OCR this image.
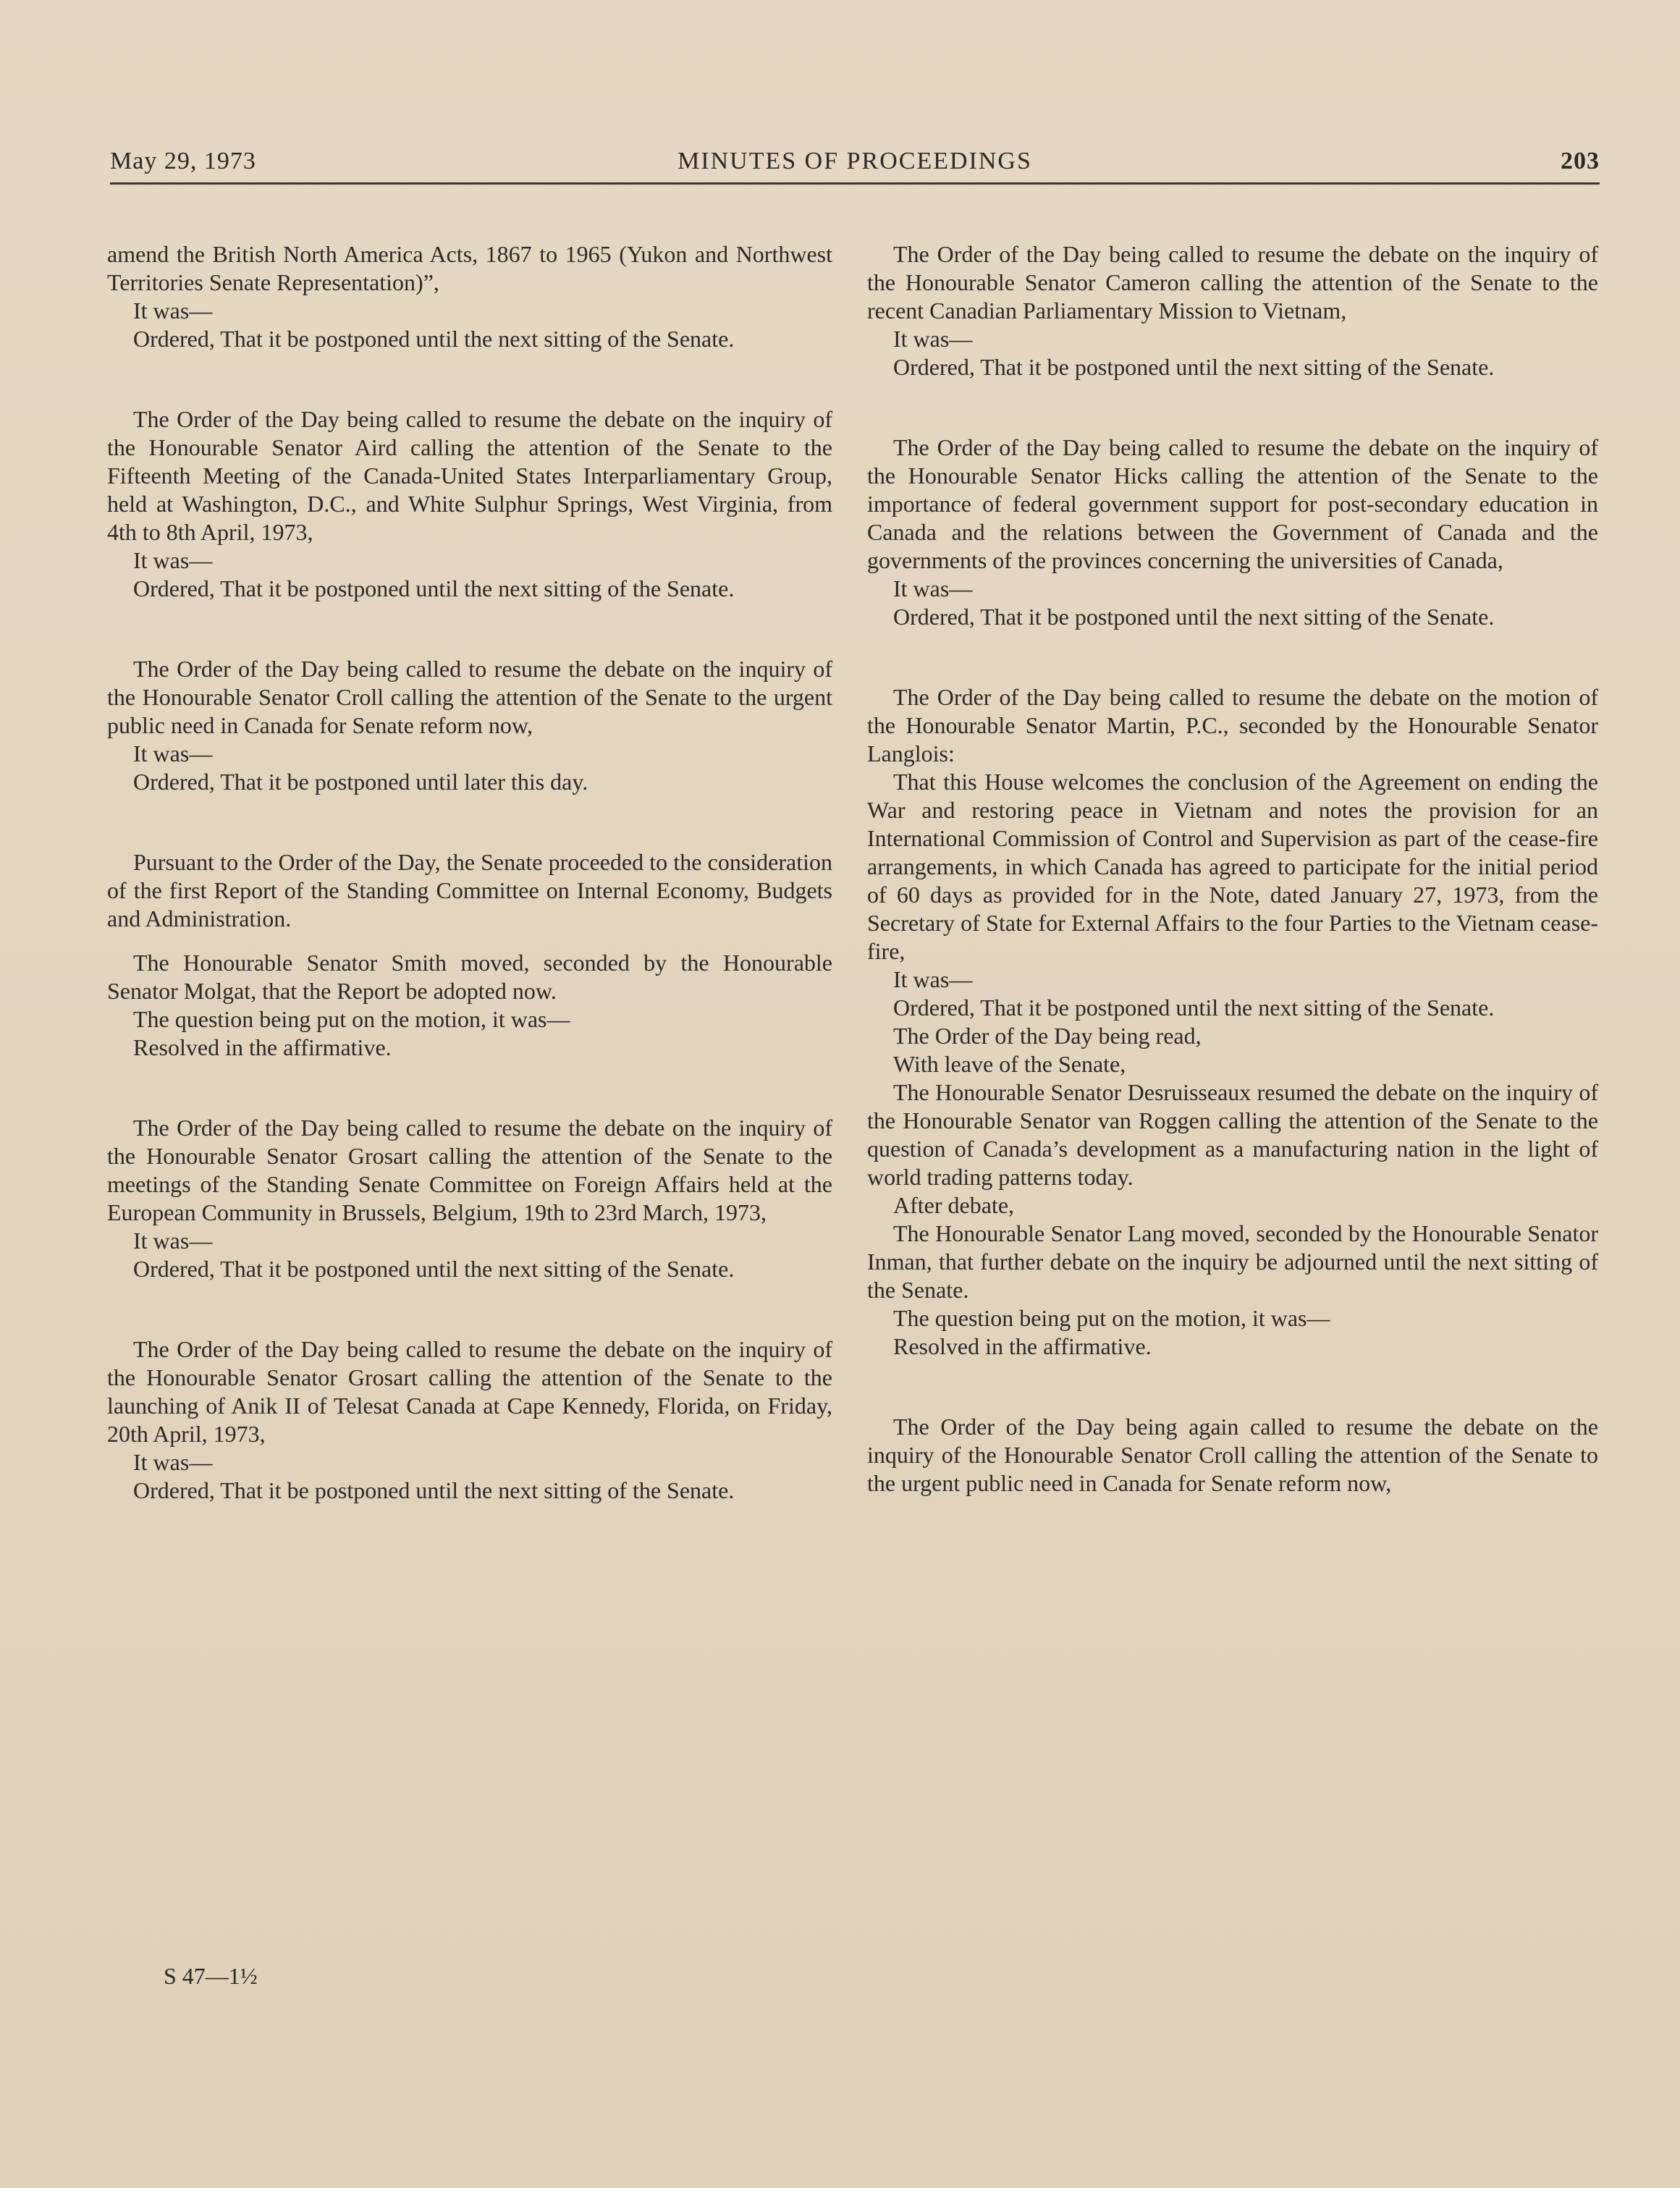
May 29, 1973	MINUTES OF PROCEEDINGS	203

amend the British North America Acts, 1867 to 1965 (Yukon and Northwest Territories Senate Representation)”,

It was—

Ordered, That it be postponed until the next sitting of the Senate.

The Order of the Day being called to resume the debate on the inquiry of the Honourable Senator Aird calling the attention of the Senate to the Fifteenth Meeting of the Canada-United States Interparliamentary Group, held at Washington, D.C., and White Sulphur Springs, West Virginia, from 4th to 8th April, 1973,

It was—

Ordered, That it be postponed until the next sitting of the Senate.

The Order of the Day being called to resume the debate on the inquiry of the Honourable Senator Croll calling the attention of the Senate to the urgent public need in Canada for Senate reform now,

It was—

Ordered, That it be postponed until later this day.

Pursuant to the Order of the Day, the Senate proceeded to the consideration of the first Report of the Standing Committee on Internal Economy, Budgets and Administration.

The Honourable Senator Smith moved, seconded by the Honourable Senator Molgat, that the Report be adopted now.

The question being put on the motion, it was—

Resolved in the affirmative.

The Order of the Day being called to resume the debate on the inquiry of the Honourable Senator Grosart calling the attention of the Senate to the meetings of the Standing Senate Committee on Foreign Affairs held at the European Community in Brussels, Belgium, 19th to 23rd March, 1973,

It was—

Ordered, That it be postponed until the next sitting of the Senate.

The Order of the Day being called to resume the debate on the inquiry of the Honourable Senator Grosart calling the attention of the Senate to the launching of Anik II of Telesat Canada at Cape Kennedy, Florida, on Friday, 20th April, 1973,

It was—

Ordered, That it be postponed until the next sitting of the Senate.

S 47—1½

The Order of the Day being called to resume the debate on the inquiry of the Honourable Senator Cameron calling the attention of the Senate to the recent Canadian Parliamentary Mission to Vietnam,

It was—

Ordered, That it be postponed until the next sitting of the Senate.

The Order of the Day being called to resume the debate on the inquiry of the Honourable Senator Hicks calling the attention of the Senate to the importance of federal government support for post-secondary education in Canada and the relations between the Government of Canada and the governments of the provinces concerning the universities of Canada,

It was—

Ordered, That it be postponed until the next sitting of the Senate.

The Order of the Day being called to resume the debate on the motion of the Honourable Senator Martin, P.C., seconded by the Honourable Senator Langlois:

That this House welcomes the conclusion of the Agreement on ending the War and restoring peace in Vietnam and notes the provision for an International Commission of Control and Supervision as part of the cease-fire arrangements, in which Canada has agreed to participate for the initial period of 60 days as provided for in the Note, dated January 27, 1973, from the Secretary of State for External Affairs to the four Parties to the Vietnam cease-fire,

It was—

Ordered, That it be postponed until the next sitting of the Senate.

The Order of the Day being read,

With leave of the Senate,

The Honourable Senator Desruisseaux resumed the debate on the inquiry of the Honourable Senator van Roggen calling the attention of the Senate to the question of Canada’s development as a manufacturing nation in the light of world trading patterns today.

After debate,

The Honourable Senator Lang moved, seconded by the Honourable Senator Inman, that further debate on the inquiry be adjourned until the next sitting of the Senate.

The question being put on the motion, it was—

Resolved in the affirmative.

The Order of the Day being again called to resume the debate on the inquiry of the Honourable Senator Croll calling the attention of the Senate to the urgent public need in Canada for Senate reform now,
